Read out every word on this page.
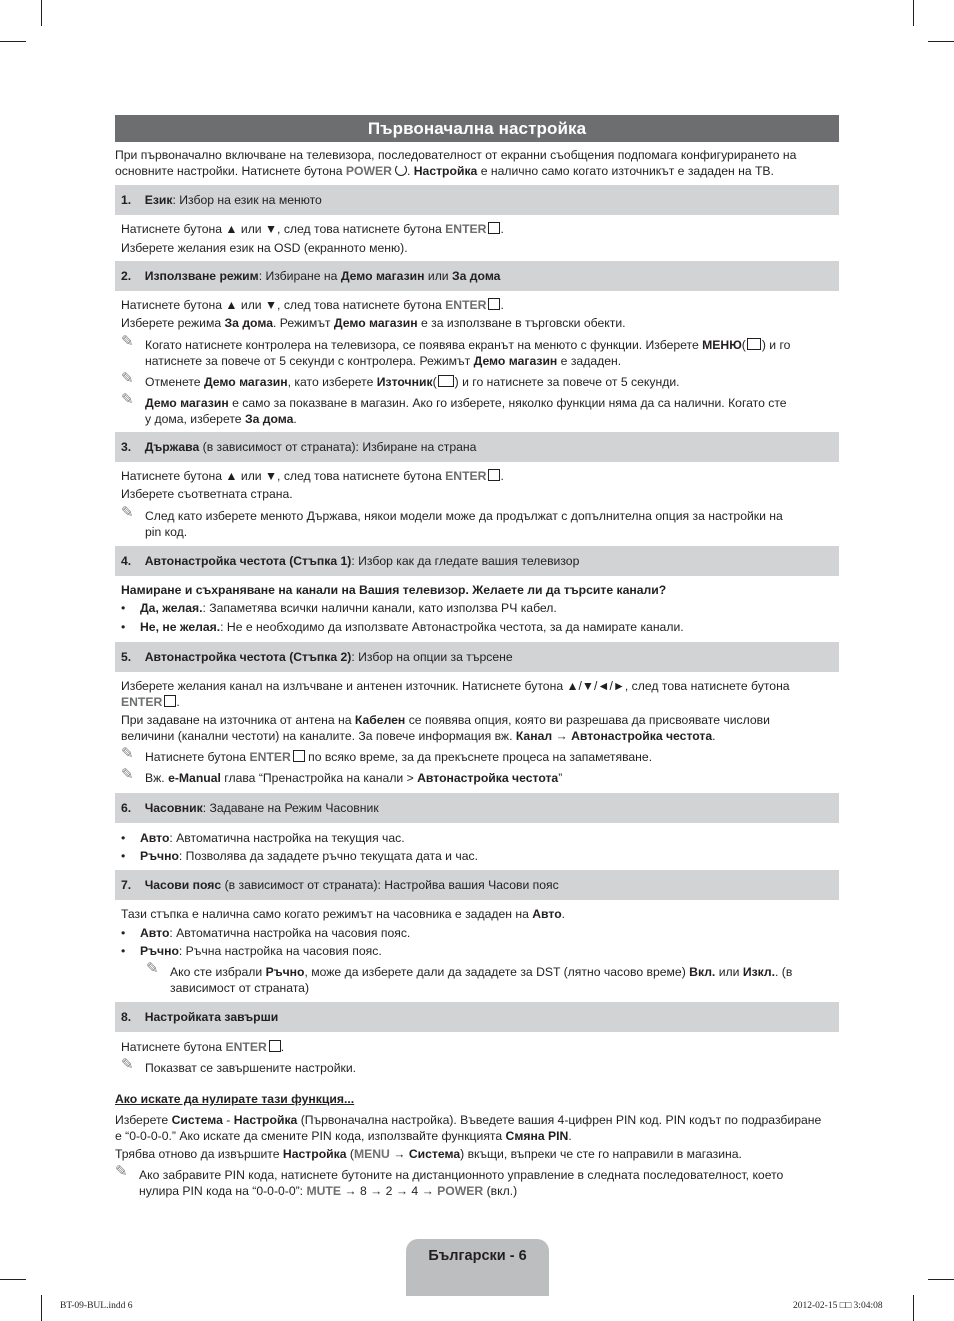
Първоначална настройка

При първоначално включване на телевизора, последователност от екранни съобщения подпомага конфигурирането на
основните настройки. Натиснете бутона POWER . Настройка е налично само когато източникът е зададен на ТВ.

1. Език: Избор на език на менюто

Натиснете бутона ▲ или ▼, след това натиснете бутона ENTER .

Изберете желания език на OSD (екранното меню).

2. Използване режим: Избиране на Демо магазин или За дома

Натиснете бутона ▲ или ▼, след това натиснете бутона ENTER .

Изберете режима За дома. Режимът Демо магазин е за използване в търговски обекти.

✎ Когато натиснете контролера на телевизора, се появява екранът на менюто с функции. Изберете МЕНЮ( ) и го
натиснете за повече от 5 секунди с контролера. Режимът Демо магазин е зададен.

✎ Отменете Демо магазин, като изберете Източник( ) и го натиснете за повече от 5 секунди.

✎ Демо магазин е само за показване в магазин. Ако го изберете, няколко функции няма да са налични. Когато сте
у дома, изберете За дома.

3. Държава (в зависимост от страната): Избиране на страна

Натиснете бутона ▲ или ▼, след това натиснете бутона ENTER .

Изберете съответната страна.

✎ След като изберете менюто Държава, някои модели може да продължат с допълнителна опция за настройки на
pin код.

4. Автонастройка честота (Стъпка 1): Избор как да гледате вашия телевизор

Намиране и съхраняване на канали на Вашия телевизор. Желаете ли да търсите канали?

• Да, желая.: Запаметява всички налични канали, като използва РЧ кабел.
• Не, не желая.: Не е необходимо да използвате Автонастройка честота, за да намирате канали.
5. Автонастройка честота (Стъпка 2): Избор на опции за търсене

Изберете желания канал на излъчване и антенен източник. Натиснете бутона ▲/▼/◄/►, след това натиснете бутона
ENTER .

При задаване на източника от антена на Кабелен се появява опция, която ви разрешава да присвоявате числови
величини (канални честоти) на каналите. За повече информация вж. Канал → Автонастройка честота.

✎ Натиснете бутона ENTER по всяко време, за да прекъснете процеса на запаметяване.

✎ Вж. e-Manual глава “Пренастройка на канали > Автонастройка честота”

6. Часовник: Задаване на Режим Часовник
• Авто: Автоматична настройка на текущия час.
• Ръчно: Позволява да зададете ръчно текущата дата и час.
7. Часови пояс (в зависимост от страната): Настройва вашия Часови пояс

Тази стъпка е налична само когато режимът на часовника е зададен на Авто.

• Авто: Автоматична настройка на часовия пояс.
• Ръчно: Ръчна настройка на часовия пояс.
✎ Ако сте избрали Ръчно, може да изберете дали да зададете за DST (лятно часово време) Вкл. или Изкл.. (в
зависимост от страната)

8. Настройката завърши

Натиснете бутона ENTER .

✎ Показват се завършените настройки.

Ако искате да нулирате тази функция...

Изберете Система - Настройка (Първоначална настройка). Въведете вашия 4-цифрен PIN код. PIN кодът по подразбиране
е “0-0-0-0.” Ако искате да смените PIN кода, използвайте функцията Смяна PIN.

Трябва отново да извършите Настройка (MENU → Система) вкъщи, въпреки че сте го направили в магазина.

✎ Ако забравите PIN кода, натиснете бутоните на дистанционното управление в следната последователност, което
нулира PIN кода на “0-0-0-0”: MUTE → 8 → 2 → 4 → POWER (вкл.)

Български - 6
BT-09-BUL.indd 6	2012-02-15 □□ 3:04:08
